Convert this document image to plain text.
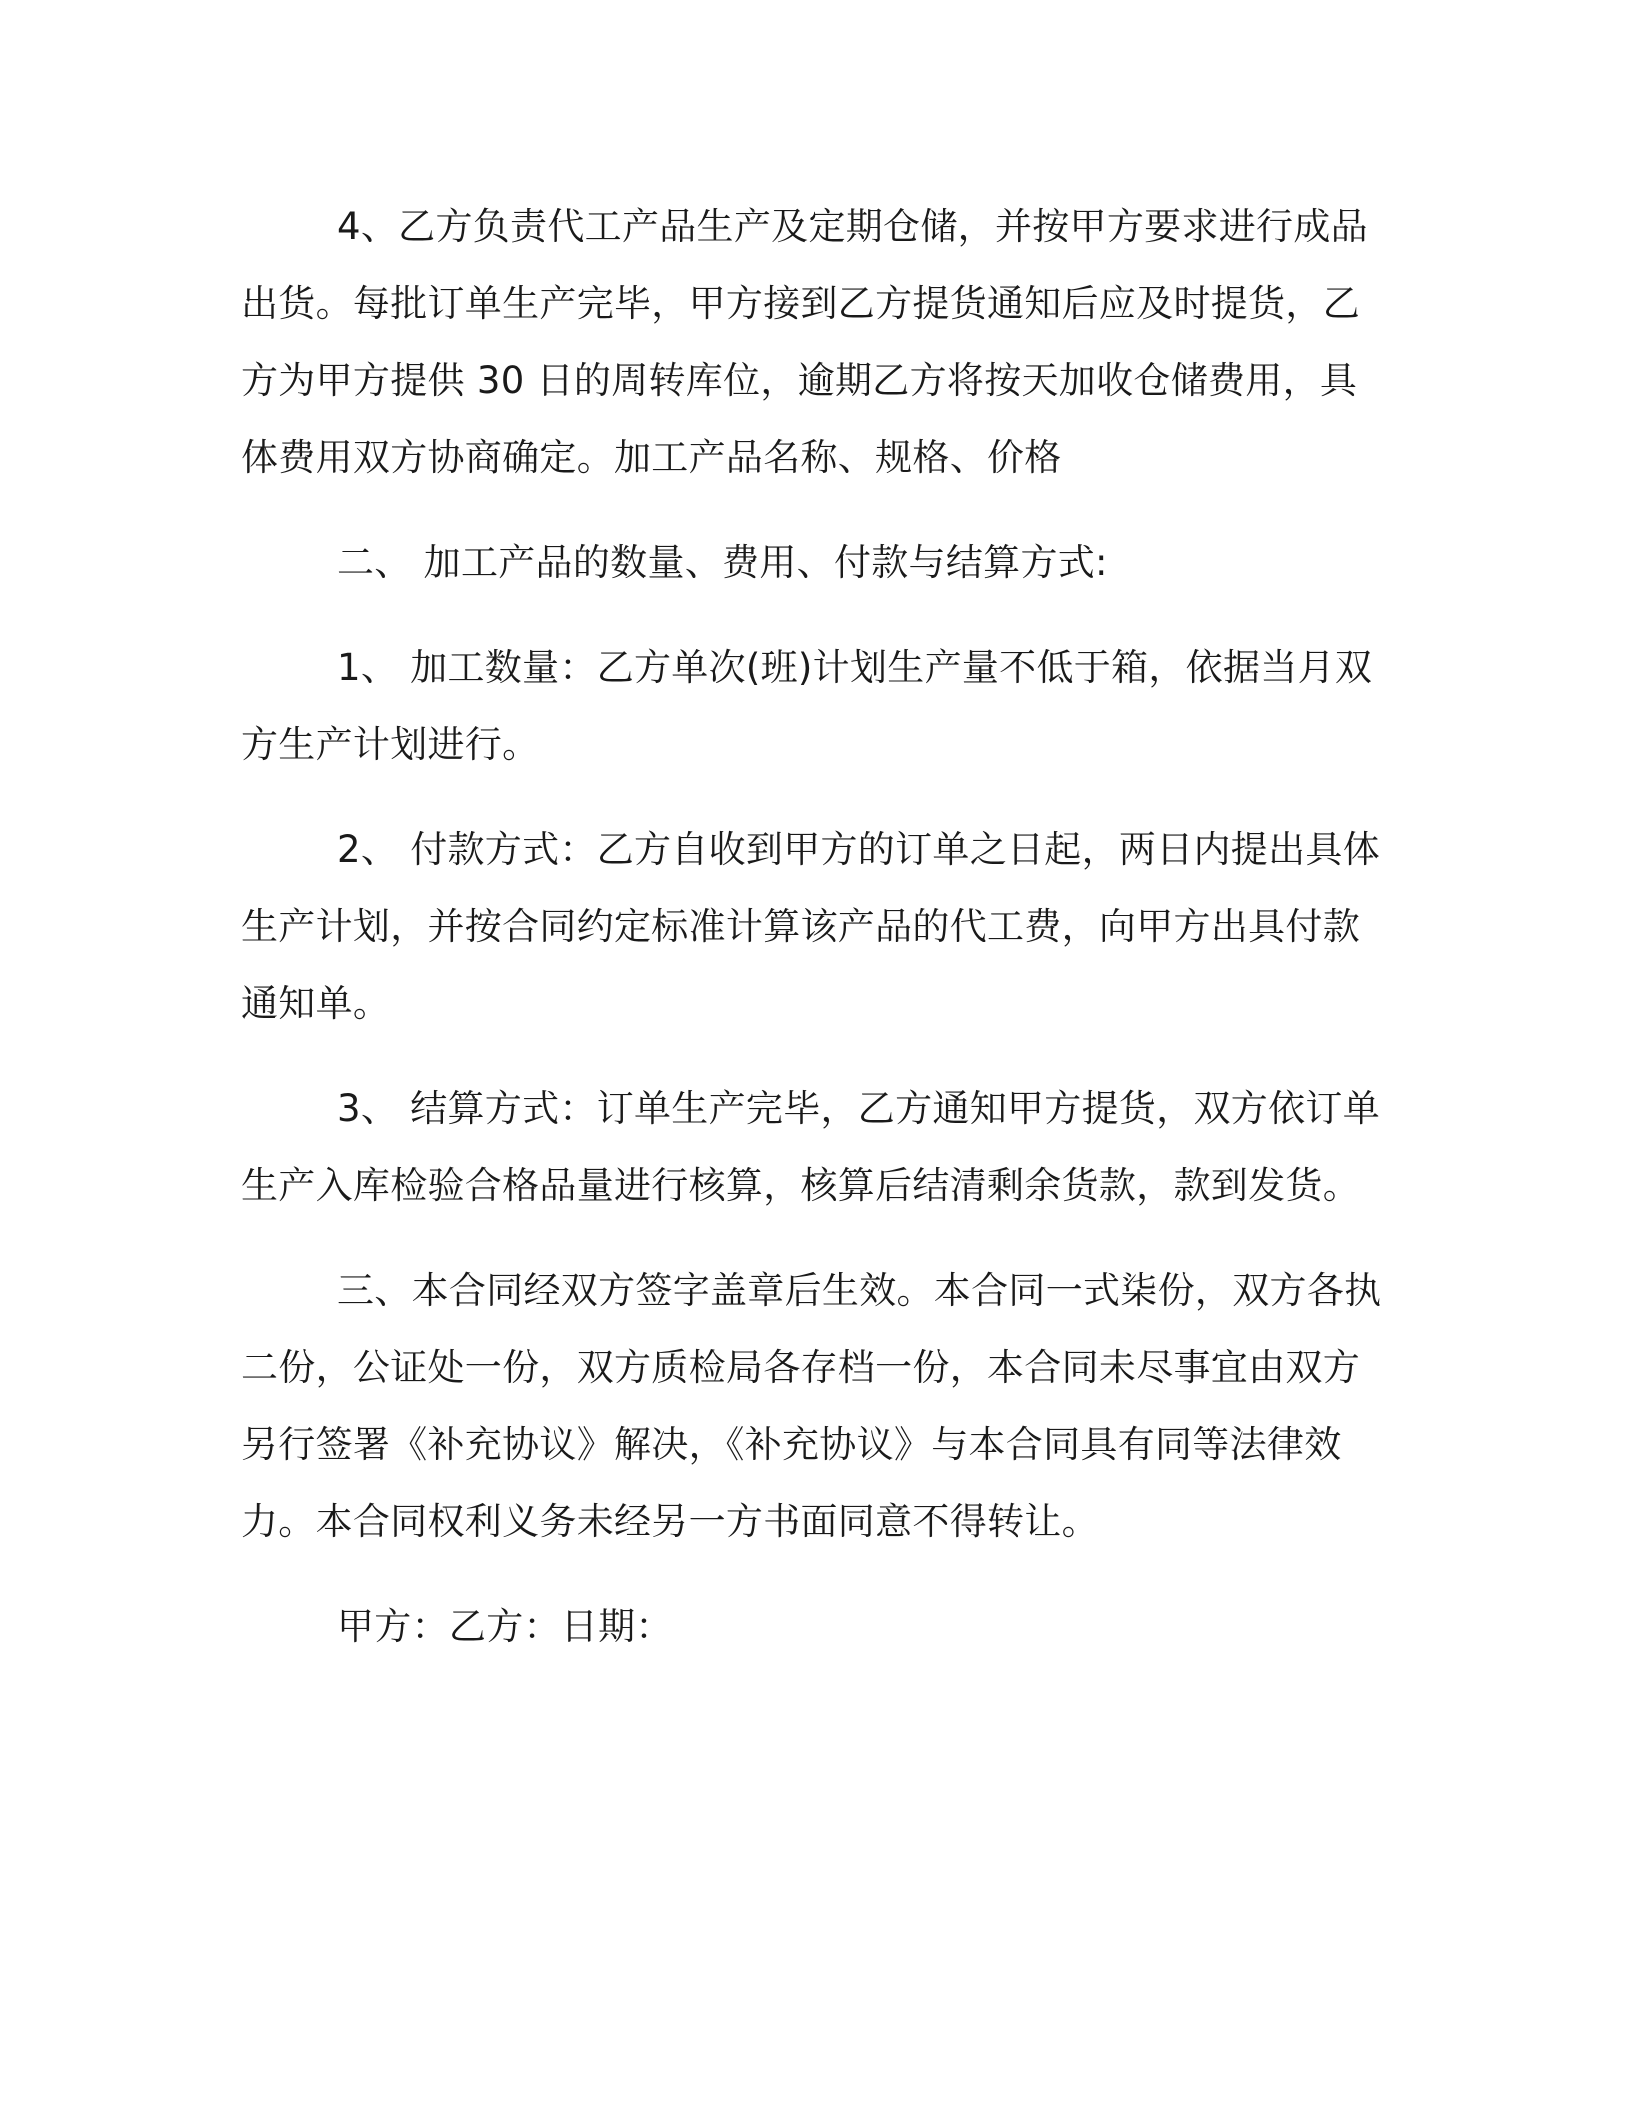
4、乙方负责代工产品生产及定期仓储，并按甲方要求进行成品出货。每批订单生产完毕，甲方接到乙方提货通知后应及时提货，乙方为甲方提供 30 日的周转库位，逾期乙方将按天加收仓储费用，具体费用双方协商确定。加工产品名称、规格、价格

二、 加工产品的数量、费用、付款与结算方式:

1、 加工数量：乙方单次(班)计划生产量不低于箱，依据当月双方生产计划进行。

2、 付款方式：乙方自收到甲方的订单之日起，两日内提出具体生产计划，并按合同约定标准计算该产品的代工费，向甲方出具付款通知单。

3、 结算方式：订单生产完毕，乙方通知甲方提货，双方依订单生产入库检验合格品量进行核算，核算后结清剩余货款，款到发货。

三、本合同经双方签字盖章后生效。本合同一式柒份，双方各执二份，公证处一份，双方质检局各存档一份，本合同未尽事宜由双方另行签署《补充协议》解决，《补充协议》与本合同具有同等法律效力。本合同权利义务未经另一方书面同意不得转让。

甲方：乙方：日期：
